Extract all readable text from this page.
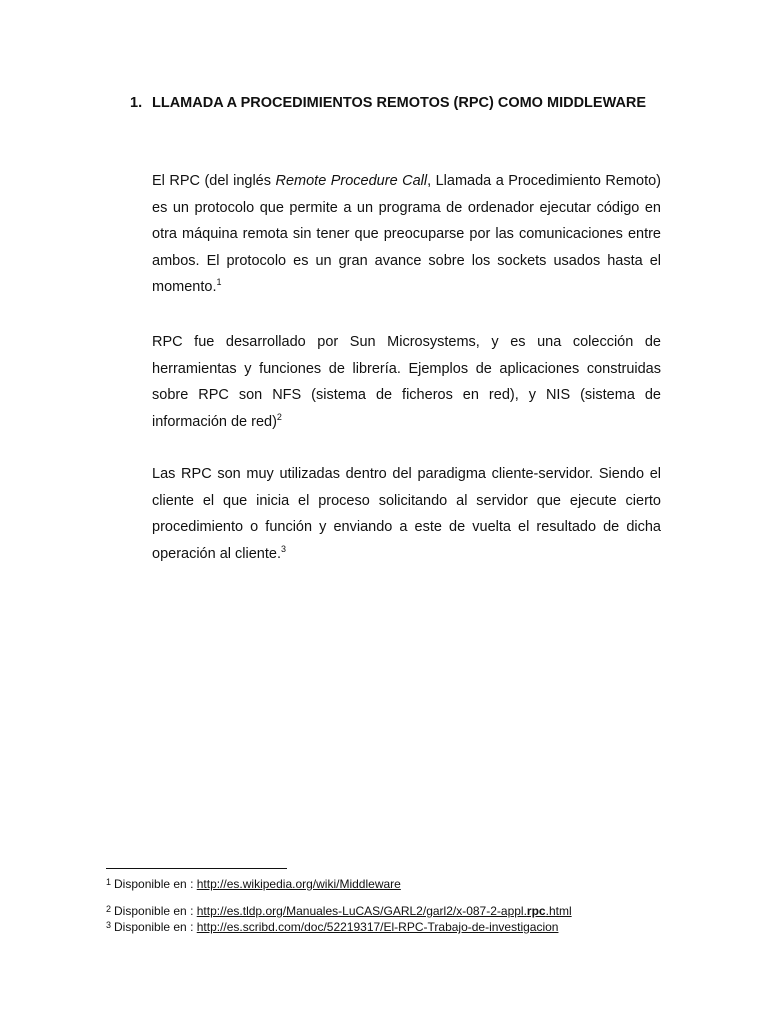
1. LLAMADA A PROCEDIMIENTOS REMOTOS (RPC) COMO MIDDLEWARE
El RPC (del inglés Remote Procedure Call, Llamada a Procedimiento Remoto) es un protocolo que permite a un programa de ordenador ejecutar código en otra máquina remota sin tener que preocuparse por las comunicaciones entre ambos. El protocolo es un gran avance sobre los sockets usados hasta el momento.$^1$
RPC fue desarrollado por Sun Microsystems, y es una colección de herramientas y funciones de librería. Ejemplos de aplicaciones construidas sobre RPC son NFS (sistema de ficheros en red), y NIS (sistema de información de red)$^2$
Las RPC son muy utilizadas dentro del paradigma cliente-servidor. Siendo el cliente el que inicia el proceso solicitando al servidor que ejecute cierto procedimiento o función y enviando a este de vuelta el resultado de dicha operación al cliente.$^3$
$^1$ Disponible en : http://es.wikipedia.org/wiki/Middleware
$^2$ Disponible en : http://es.tldp.org/Manuales-LuCAS/GARL2/garl2/x-087-2-appl.rpc.html
$^3$ Disponible en : http://es.scribd.com/doc/52219317/El-RPC-Trabajo-de-investigacion
